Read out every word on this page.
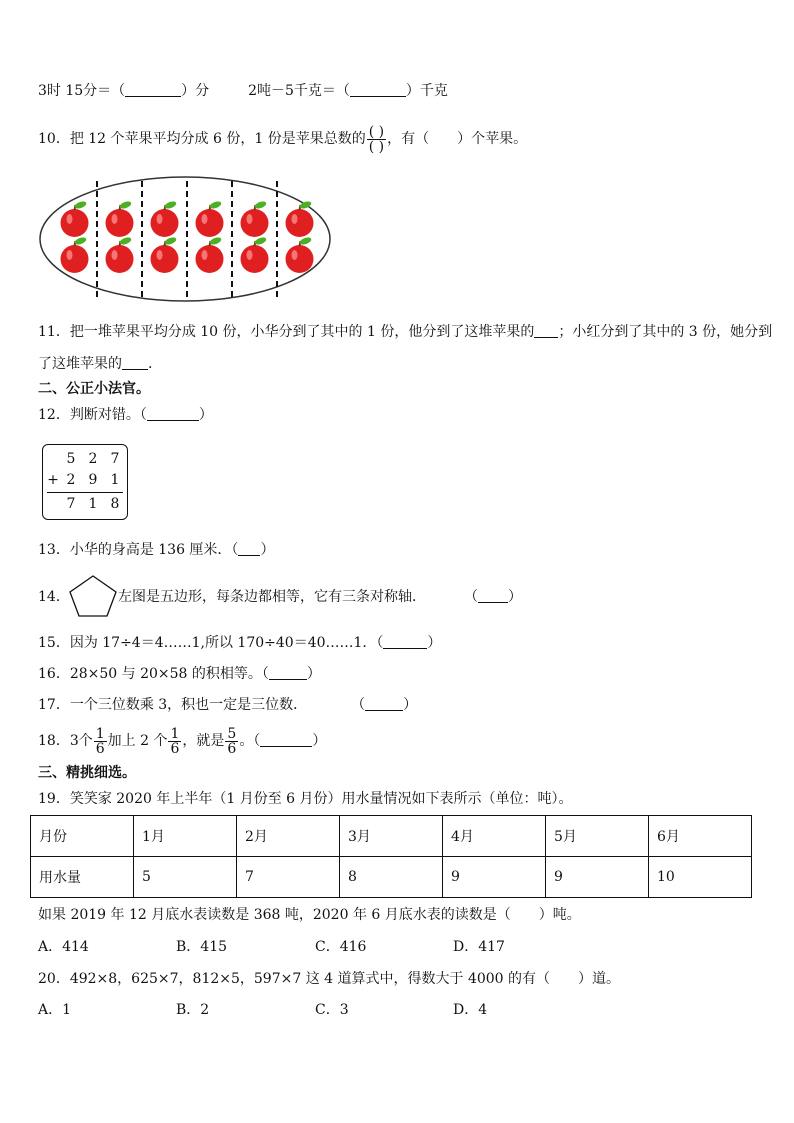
3时 15分＝（	）分	2吨－5千克＝（	）千克
10．把 12 个苹果平均分成 6 份，1 份是苹果总数的 $\frac{( )}{( )}$ ，有（　　）个苹果。
11．把一堆苹果平均分成 10 份，小华分到了其中的 1 份，他分到了这堆苹果的 ；小红分到了其中的 3 份，她分到
了这堆苹果的 .
二、公正小法官。
12．判断对错。（	）
5 2 7
+ 2 9 1
7 1 8
13．小华的身高是 136 厘米．（ ）
14．	左图是五边形，每条边都相等，它有三条对称轴．	（ ）
15．因为 17÷4＝4……1,所以 170÷40＝40……1．（	）
16．28×50 与 20×58 的积相等。（	）
17．一个三位数乘 3，积也一定是三位数．	（	）
18．3个 $\frac{1}{6}$ 加上 2 个 $\frac{1}{6}$ ，就是 $\frac{5}{6}$ 。（	）
三、精挑细选。
19．笑笑家 2020 年上半年（1 月份至 6 月份）用水量情况如下表所示（单位：吨）。
月份	1月	2月	3月	4月	5月	6月
用水量	5	7	8	9	9	10
如果 2019 年 12 月底水表读数是 368 吨，2020 年 6 月底水表的读数是（　　）吨。
A．414	B．415	C．416	D．417
20．492×8，625×7，812×5，597×7 这 4 道算式中，得数大于 4000 的有（　　）道。
A．1	B．2	C．3	D．4
